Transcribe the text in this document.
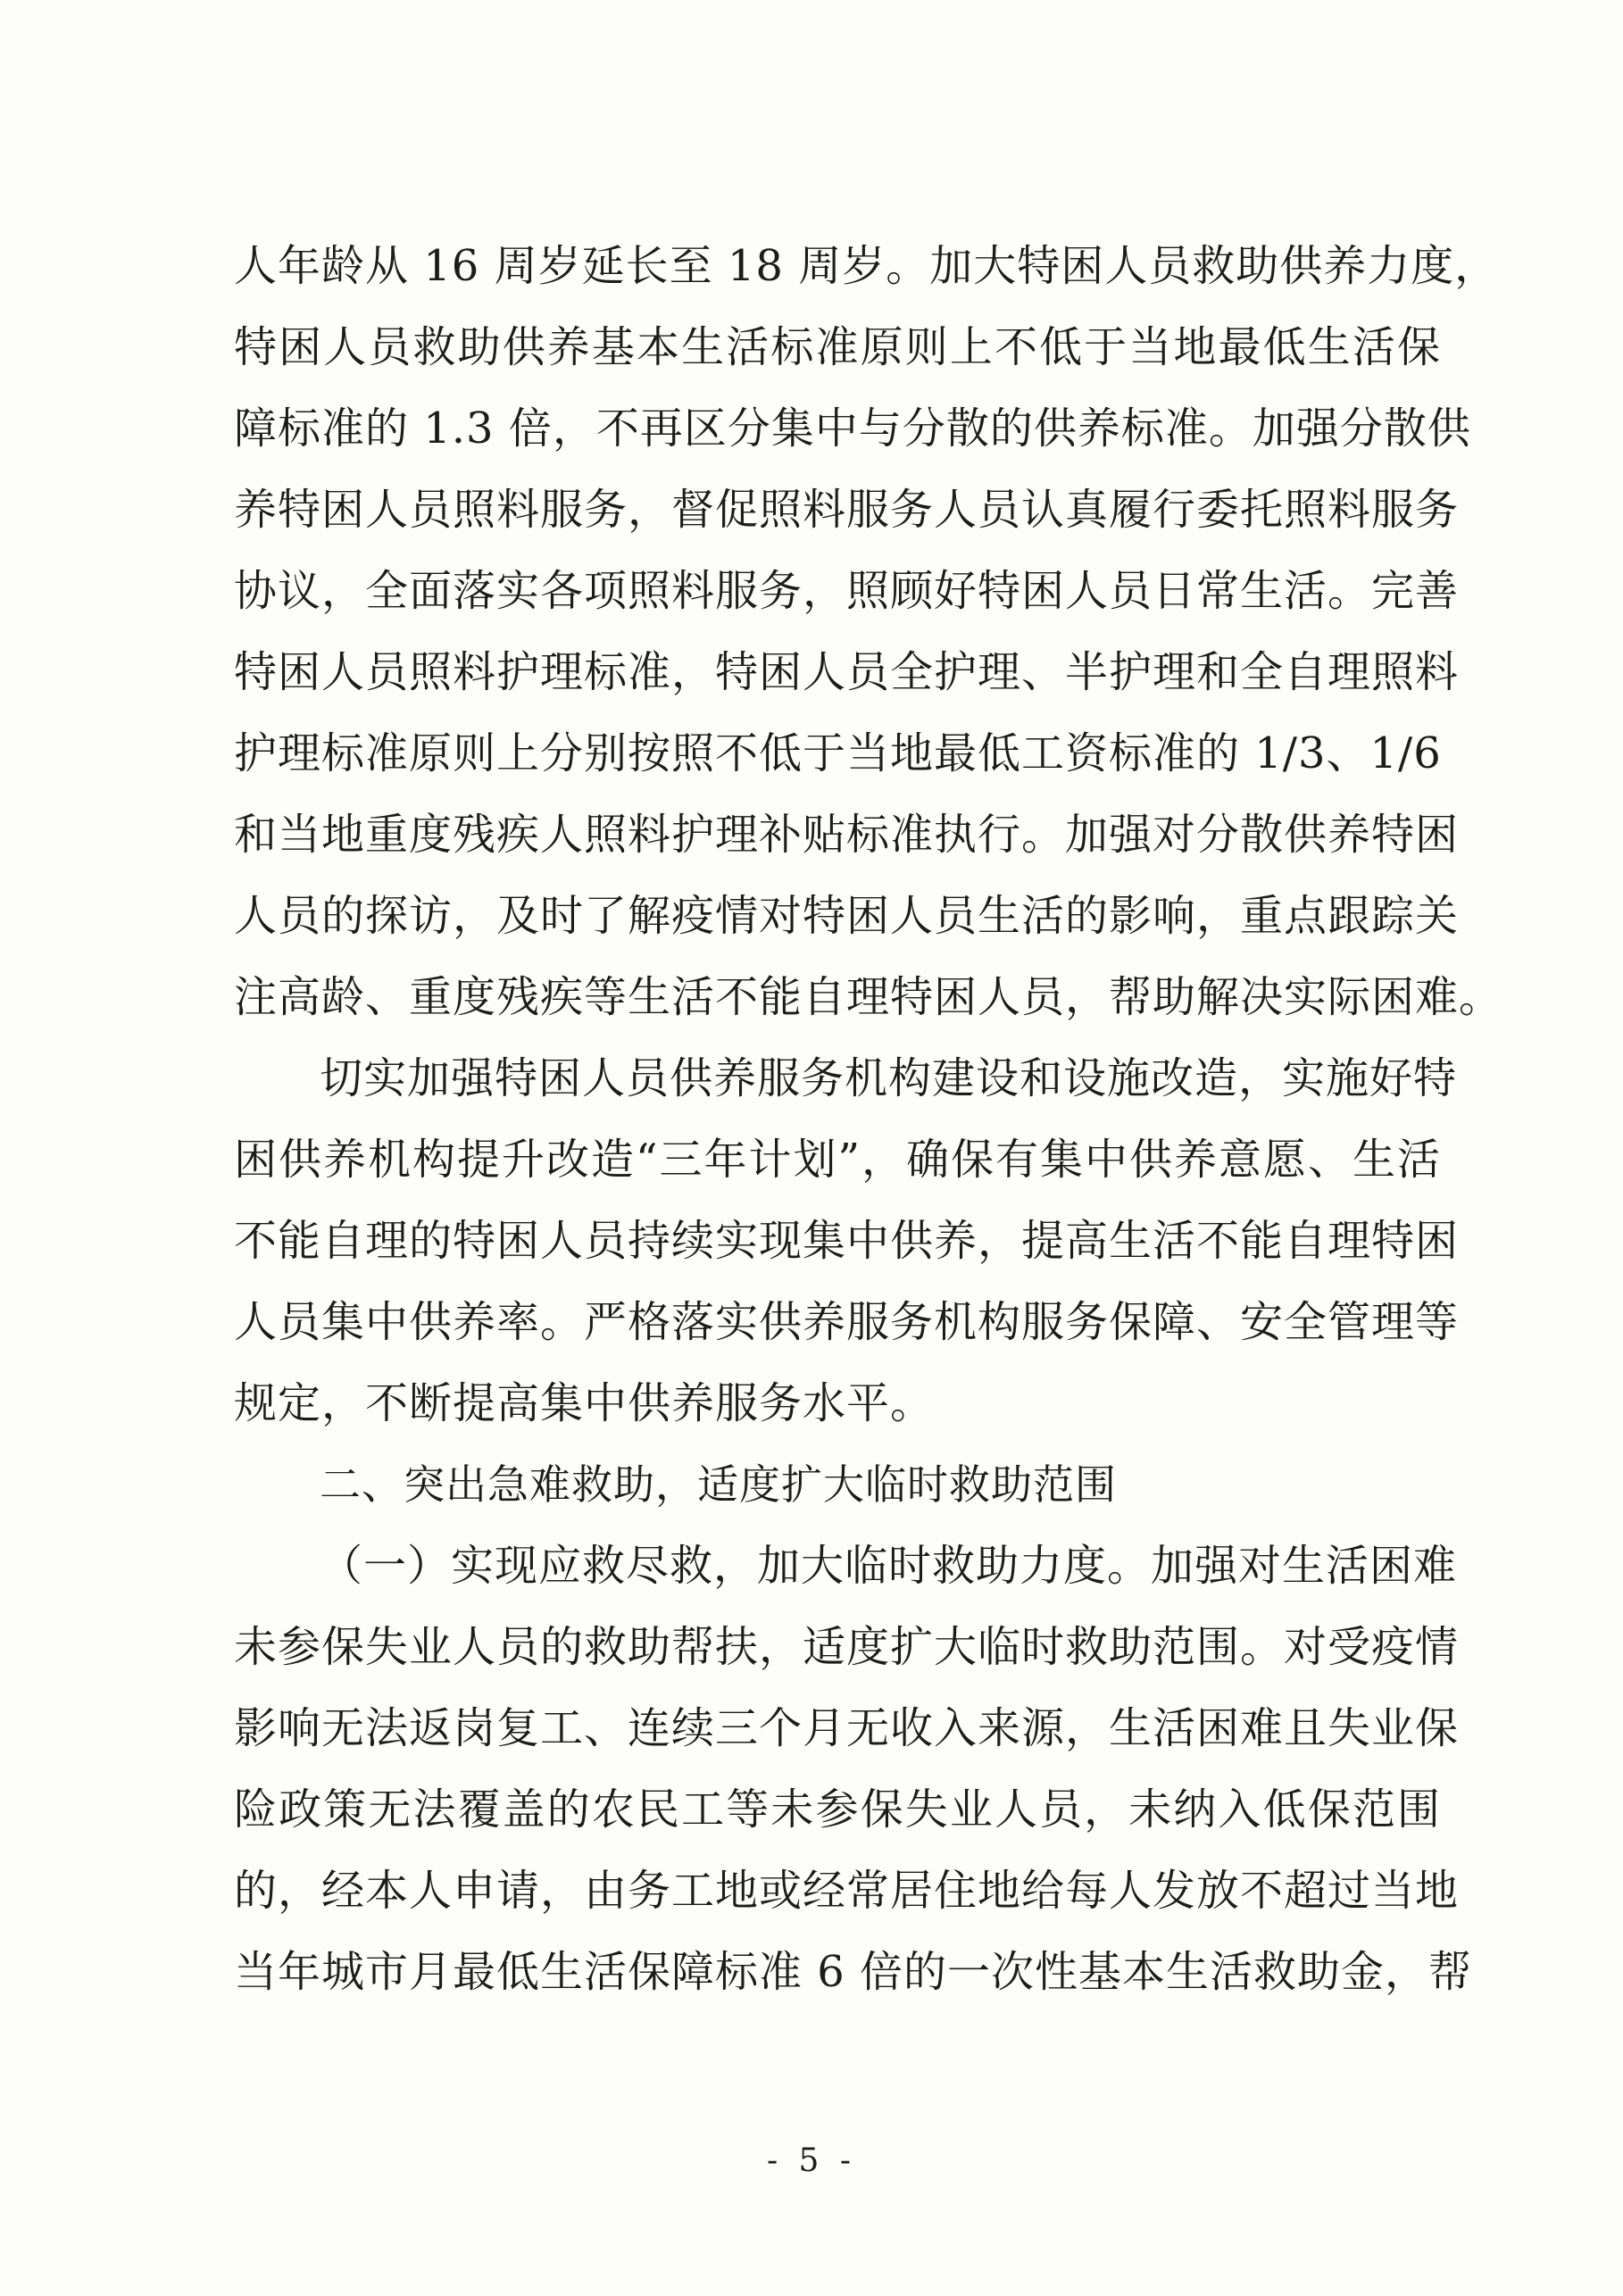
人年龄从 16 周岁延长至 18 周岁。加大特困人员救助供养力度，
特困人员救助供养基本生活标准原则上不低于当地最低生活保
障标准的 1.3 倍，不再区分集中与分散的供养标准。加强分散供
养特困人员照料服务，督促照料服务人员认真履行委托照料服务
协议，全面落实各项照料服务，照顾好特困人员日常生活。完善
特困人员照料护理标准，特困人员全护理、半护理和全自理照料
护理标准原则上分别按照不低于当地最低工资标准的 1/3、1/6
和当地重度残疾人照料护理补贴标准执行。加强对分散供养特困
人员的探访，及时了解疫情对特困人员生活的影响，重点跟踪关
注高龄、重度残疾等生活不能自理特困人员，帮助解决实际困难。
切实加强特困人员供养服务机构建设和设施改造，实施好特
困供养机构提升改造“三年计划”，确保有集中供养意愿、生活
不能自理的特困人员持续实现集中供养，提高生活不能自理特困
人员集中供养率。严格落实供养服务机构服务保障、安全管理等
规定，不断提高集中供养服务水平。
二、突出急难救助，适度扩大临时救助范围
（一）实现应救尽救，加大临时救助力度。加强对生活困难
未参保失业人员的救助帮扶，适度扩大临时救助范围。对受疫情
影响无法返岗复工、连续三个月无收入来源，生活困难且失业保
险政策无法覆盖的农民工等未参保失业人员，未纳入低保范围
的，经本人申请，由务工地或经常居住地给每人发放不超过当地
当年城市月最低生活保障标准 6 倍的一次性基本生活救助金，帮
- 5 -
